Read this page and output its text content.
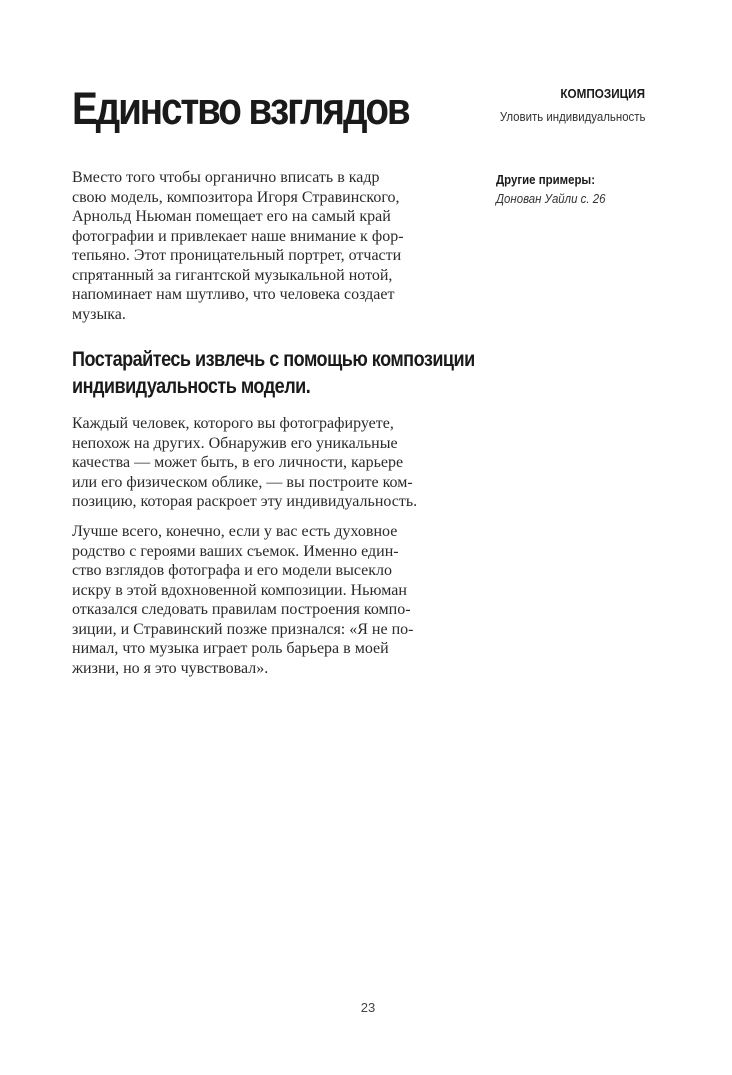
Единство взглядов	КОМПОЗИЦИЯ
Уловить индивидуальность
Другие примеры:
Донован Уайли с. 26
Вместо того чтобы органично вписать в кадр
свою модель, композитора Игоря Стравинского,
Арнольд Ньюман помещает его на самый край
фотографии и привлекает наше внимание к фор-
тепьяно. Этот проницательный портрет, отчасти
спрятанный за гигантской музыкальной нотой,
напоминает нам шутливо, что человека создает
музыка.
Постарайтесь извлечь с помощью композиции
индивидуальность модели.
Каждый человек, которого вы фотографируете,
непохож на других. Обнаружив его уникальные
качества — может быть, в его личности, карьере
или его физическом облике, — вы построите ком-
позицию, которая раскроет эту индивидуальность.
Лучше всего, конечно, если у вас есть духовное
родство с героями ваших съемок. Именно един-
ство взглядов фотографа и его модели высекло
искру в этой вдохновенной композиции. Ньюман
отказался следовать правилам построения компо-
зиции, и Стравинский позже признался: «Я не по-
нимал, что музыка играет роль барьера в моей
жизни, но я это чувствовал».
23
